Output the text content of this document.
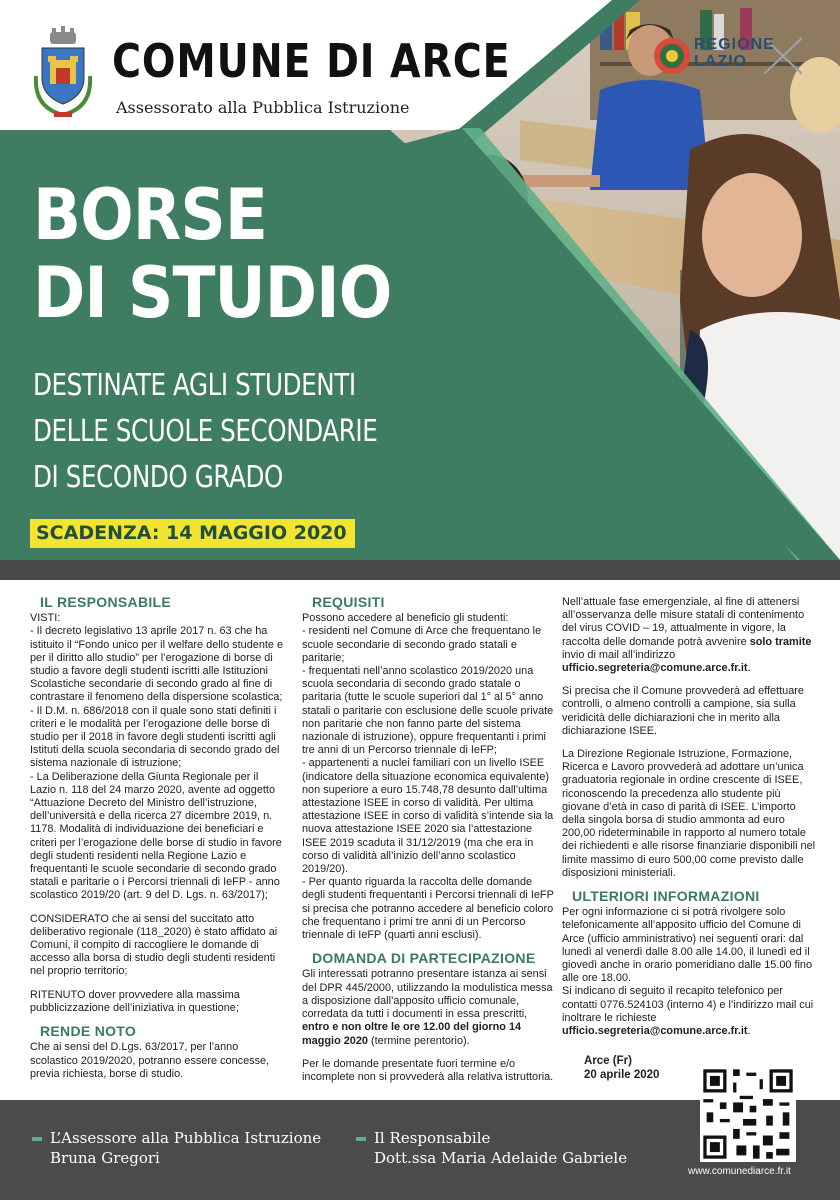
COMUNE DI ARCE
Assessorato alla Pubblica Istruzione
REGIONE
LAZIO
BORSE
DI STUDIO
DESTINATE AGLI STUDENTI
DELLE SCUOLE SECONDARIE
DI SECONDO GRADO
SCADENZA: 14 MAGGIO 2020
IL RESPONSABILE

VISTI:
- Il decreto legislativo 13 aprile 2017 n. 63 che ha istituito il “Fondo unico per il welfare dello studente e per il diritto allo studio” per l’erogazione di borse di studio a favore degli studenti iscritti alle Istituzioni Scolastiche secondarie di secondo grado al fine di contrastare il fenomeno della dispersione scolastica;
- Il D.M. n. 686/2018 con il quale sono stati definiti i criteri e le modalità per l’erogazione delle borse di studio per il 2018 in favore degli studenti iscritti agli Istituti della scuola secondaria di secondo grado del sistema nazionale di istruzione;
- La Deliberazione della Giunta Regionale per il Lazio n. 118 del 24 marzo 2020, avente ad oggetto “Attuazione Decreto del Ministro dell’istruzione, dell’università e della ricerca 27 dicembre 2019, n. 1178. Modalità di individuazione dei beneficiari e criteri per l’erogazione delle borse di studio in favore degli studenti residenti nella Regione Lazio e frequentanti le scuole secondarie di secondo grado statali e paritarie o i Percorsi triennali di IeFP - anno scolastico 2019/20 (art. 9 del D. Lgs. n. 63/2017);

CONSIDERATO che ai sensi del succitato atto deliberativo regionale (118_2020) è stato affidato ai Comuni, il compito di raccogliere le domande di accesso alla borsa di studio degli studenti residenti nel proprio territorio;

RITENUTO dover provvedere alla massima pubblicizzazione dell’iniziativa in questione;

RENDE NOTO

Che ai sensi del D.Lgs. 63/2017, per l’anno scolastico 2019/2020, potranno essere concesse, previa richiesta, borse di studio.

REQUISITI

Possono accedere al beneficio gli studenti:
- residenti nel Comune di Arce che frequentano le scuole secondarie di secondo grado statali e paritarie;
- frequentati nell’anno scolastico 2019/2020 una scuola secondaria di secondo grado statale o paritaria (tutte le scuole superiori dal 1° al 5° anno statali o paritarie con esclusione delle scuole private non paritarie che non fanno parte del sistema nazionale di istruzione), oppure frequentanti i primi tre anni di un Percorso triennale di IeFP;
- appartenenti a nuclei familiari con un livello ISEE (indicatore della situazione economica equivalente) non superiore a euro 15.748,78 desunto dall’ultima attestazione ISEE in corso di validità. Per ultima attestazione ISEE in corso di validità s’intende sia la nuova attestazione ISEE 2020 sia l’attestazione ISEE 2019 scaduta il 31/12/2019 (ma che era in corso di validità all’inizio dell’anno scolastico 2019/20).
- Per quanto riguarda la raccolta delle domande degli studenti frequentanti i Percorsi triennali di IeFP si precisa che potranno accedere al beneficio coloro che frequentano i primi tre anni di un Percorso triennale di IeFP (quarti anni esclusi).

DOMANDA DI PARTECIPAZIONE

Gli interessati potranno presentare istanza ai sensi del DPR 445/2000, utilizzando la modulistica messa a disposizione dall’apposito ufficio comunale, corredata da tutti i documenti in essa prescritti, entro e non oltre le ore 12.00 del giorno 14 maggio 2020 (termine perentorio).

Per le domande presentate fuori termine e/o incomplete non si provvederà alla relativa istruttoria.

Nell’attuale fase emergenziale, al fine di attenersi all’osservanza delle misure statali di contenimento del virus COVID – 19, attualmente in vigore, la raccolta delle domande potrà avvenire solo tramite invio di mail all’indirizzo ufficio.segreteria@comune.arce.fr.it.

Si precisa che il Comune provvederà ad effettuare controlli, o almeno controlli a campione, sia sulla veridicità delle dichiarazioni che in merito alla dichiarazione ISEE.

La Direzione Regionale Istruzione, Formazione, Ricerca e Lavoro provvederà ad adottare un’unica graduatoria regionale in ordine crescente di ISEE, riconoscendo la precedenza allo studente più giovane d’età in caso di parità di ISEE. L’importo della singola borsa di studio ammonta ad euro 200,00 rideterminabile in rapporto al numero totale dei richiedenti e alle risorse finanziarie disponibili nel limite massimo di euro 500,00 come previsto dalle disposizioni ministeriali.

ULTERIORI INFORMAZIONI

Per ogni informazione ci si potrà rivolgere solo telefonicamente all’apposito ufficio del Comune di Arce (ufficio amministrativo) nei seguenti orari: dal lunedì al venerdì dalle 8.00 alle 14.00, il lunedì ed il giovedì anche in orario pomeridiano dalle 15.00 fino alle ore 18.00.

Si indicano di seguito il recapito telefonico per contatti 0776.524103 (interno 4) e l’indirizzo mail cui inoltrare le richieste ufficio.segreteria@comune.arce.fr.it.

Arce (Fr)
20 aprile 2020
L’Assessore alla Pubblica Istruzione
Bruna Gregori
Il Responsabile
Dott.ssa Maria Adelaide Gabriele
www.comunediarce.fr.it
